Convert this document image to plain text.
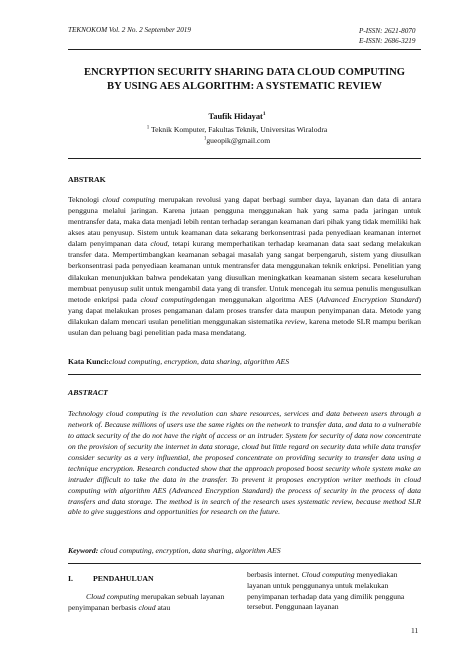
TEKNOKOM Vol. 2 No. 2 September 2019	P-ISSN: 2621-8070
E-ISSN: 2686-3219
ENCRYPTION SECURITY SHARING DATA CLOUD COMPUTING
BY USING AES ALGORITHM: A SYSTEMATIC REVIEW
Taufik Hidayat$^1$
$^1$ Teknik Komputer, Fakultas Teknik, Universitas Wiralodra
$^1$gueopik@gmail.com
ABSTRAK
Teknologi cloud computing merupakan revolusi yang dapat berbagi sumber daya, layanan dan data di antara pengguna melalui jaringan. Karena jutaan pengguna menggunakan hak yang sama pada jaringan untuk mentransfer data, maka data menjadi lebih rentan terhadap serangan keamanan dari pihak yang tidak memiliki hak akses atau penyusup. Sistem untuk keamanan data sekarang berkonsentrasi pada penyediaan keamanan internet dalam penyimpanan data cloud, tetapi kurang memperhatikan terhadap keamanan data saat sedang melakukan transfer data. Mempertimbangkan keamanan sebagai masalah yang sangat berpengaruh, sistem yang diusulkan berkonsentrasi pada penyediaan keamanan untuk mentransfer data menggunakan teknik enkripsi. Penelitian yang dilakukan menunjukkan bahwa pendekatan yang diusulkan meningkatkan keamanan sistem secara keseluruhan membuat penyusup sulit untuk mengambil data yang di transfer. Untuk mencegah itu semua penulis mengusulkan metode enkripsi pada cloud computingdengan menggunakan algoritma AES (Advanced Encryption Standard) yang dapat melakukan proses pengamanan dalam proses transfer data maupun penyimpanan data. Metode yang dilakukan dalam mencari usulan penelitian menggunakan sistematika review, karena metode SLR mampu berikan usulan dan peluang bagi penelitian pada masa mendatang.
Kata Kunci:cloud computing, encryption, data sharing, algorithm AES
ABSTRACT
Technology cloud computing is the revolution can share resources, services and data between users through a network of. Because millions of users use the same rights on the network to transfer data, and data to a vulnerable to attack security of the do not have the right of access or an intruder. System for security of data now concentrate on the provision of security the internet in data storage, cloud but little regard on security data while data transfer consider security as a very influential, the proposed concentrate on providing security to transfer data using a technique encryption. Research conducted show that the approach proposed boost security whole system make an intruder difficult to take the data in the transfer. To prevent it proposes encryption writer methods in cloud computing with algorithm AES (Advanced Encryption Standard) the process of security in the process of data transfers and data storage. The method is in search of the research uses systematic review, because method SLR able to give suggestions and opportunities for research on the future.
Keyword: cloud computing, encryption, data sharing, algorithm AES
I.	PENDAHULUAN
Cloud computing merupakan sebuah layanan penyimpanan berbasis cloud atau
berbasis internet. Cloud computing menyediakan layanan untuk penggunanya untuk melakukan penyimpanan terhadap data yang dimilik pengguna tersebut. Penggunaan layanan
11
